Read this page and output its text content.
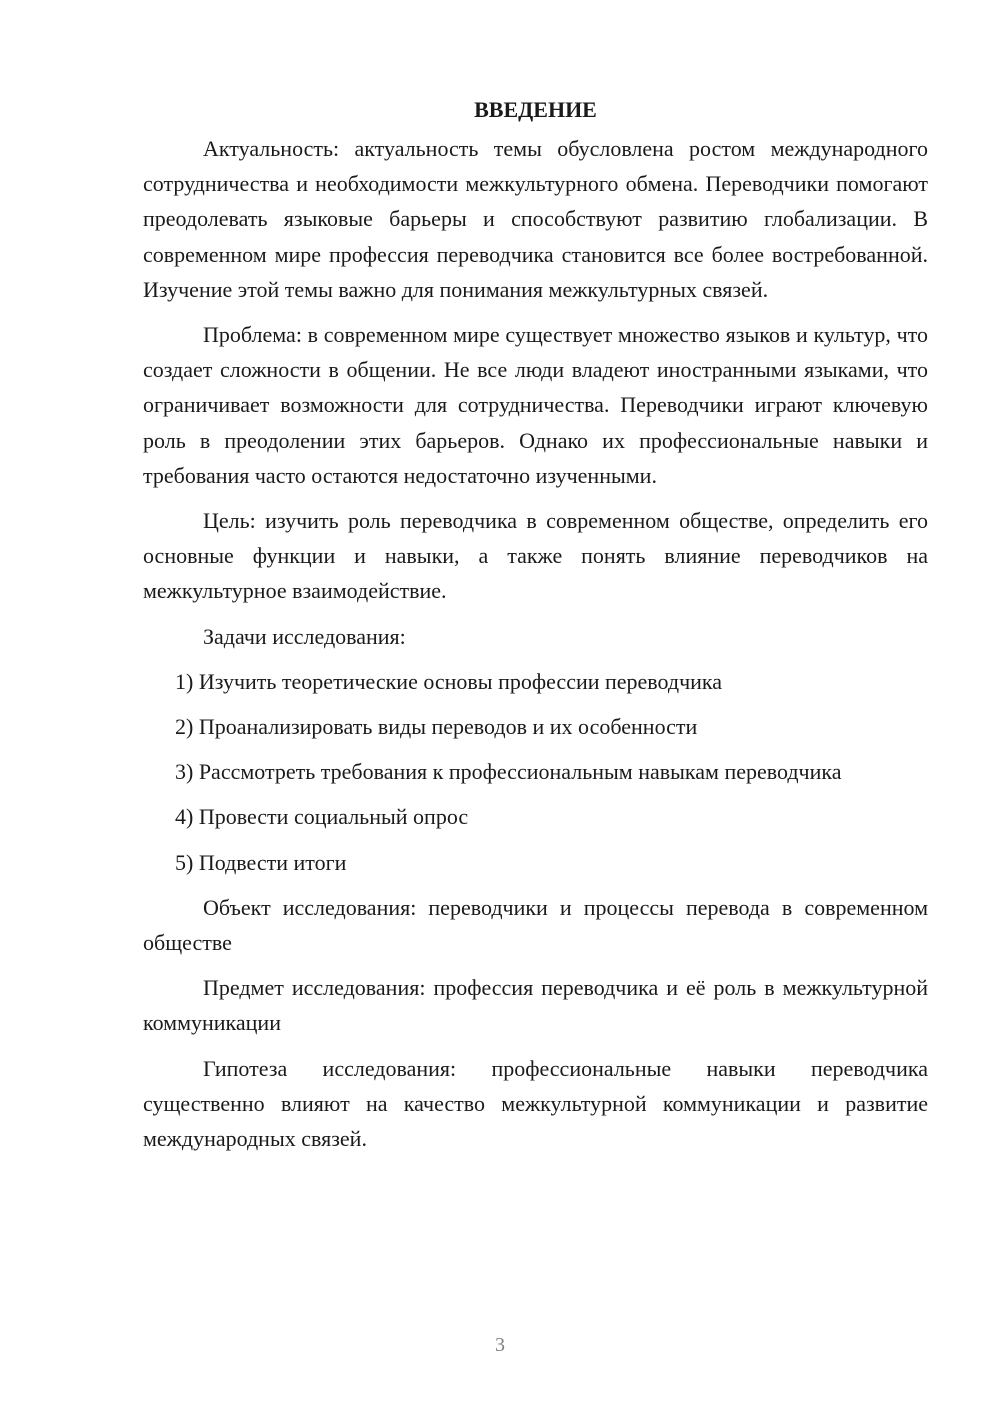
ВВЕДЕНИЕ

Актуальность: актуальность темы обусловлена ростом международного сотрудничества и необходимости межкультурного обмена. Переводчики помогают преодолевать языковые барьеры и способствуют развитию глобализации. В современном мире профессия переводчика становится все более востребованной. Изучение этой темы важно для понимания межкультурных связей.

Проблема: в современном мире существует множество языков и культур, что создает сложности в общении. Не все люди владеют иностранными языками, что ограничивает возможности для сотрудничества. Переводчики играют ключевую роль в преодолении этих барьеров. Однако их профессиональные навыки и требования часто остаются недостаточно изученными.

Цель: изучить роль переводчика в современном обществе, определить его основные функции и навыки, а также понять влияние переводчиков на межкультурное взаимодействие.

Задачи исследования:

1) Изучить теоретические основы профессии переводчика

2) Проанализировать виды переводов и их особенности

3) Рассмотреть требования к профессиональным навыкам переводчика

4) Провести социальный опрос

5) Подвести итоги

Объект исследования: переводчики и процессы перевода в современном обществе

Предмет исследования: профессия переводчика и её роль в межкультурной коммуникации

Гипотеза исследования: профессиональные навыки переводчика существенно влияют на качество межкультурной коммуникации и развитие международных связей.

3
